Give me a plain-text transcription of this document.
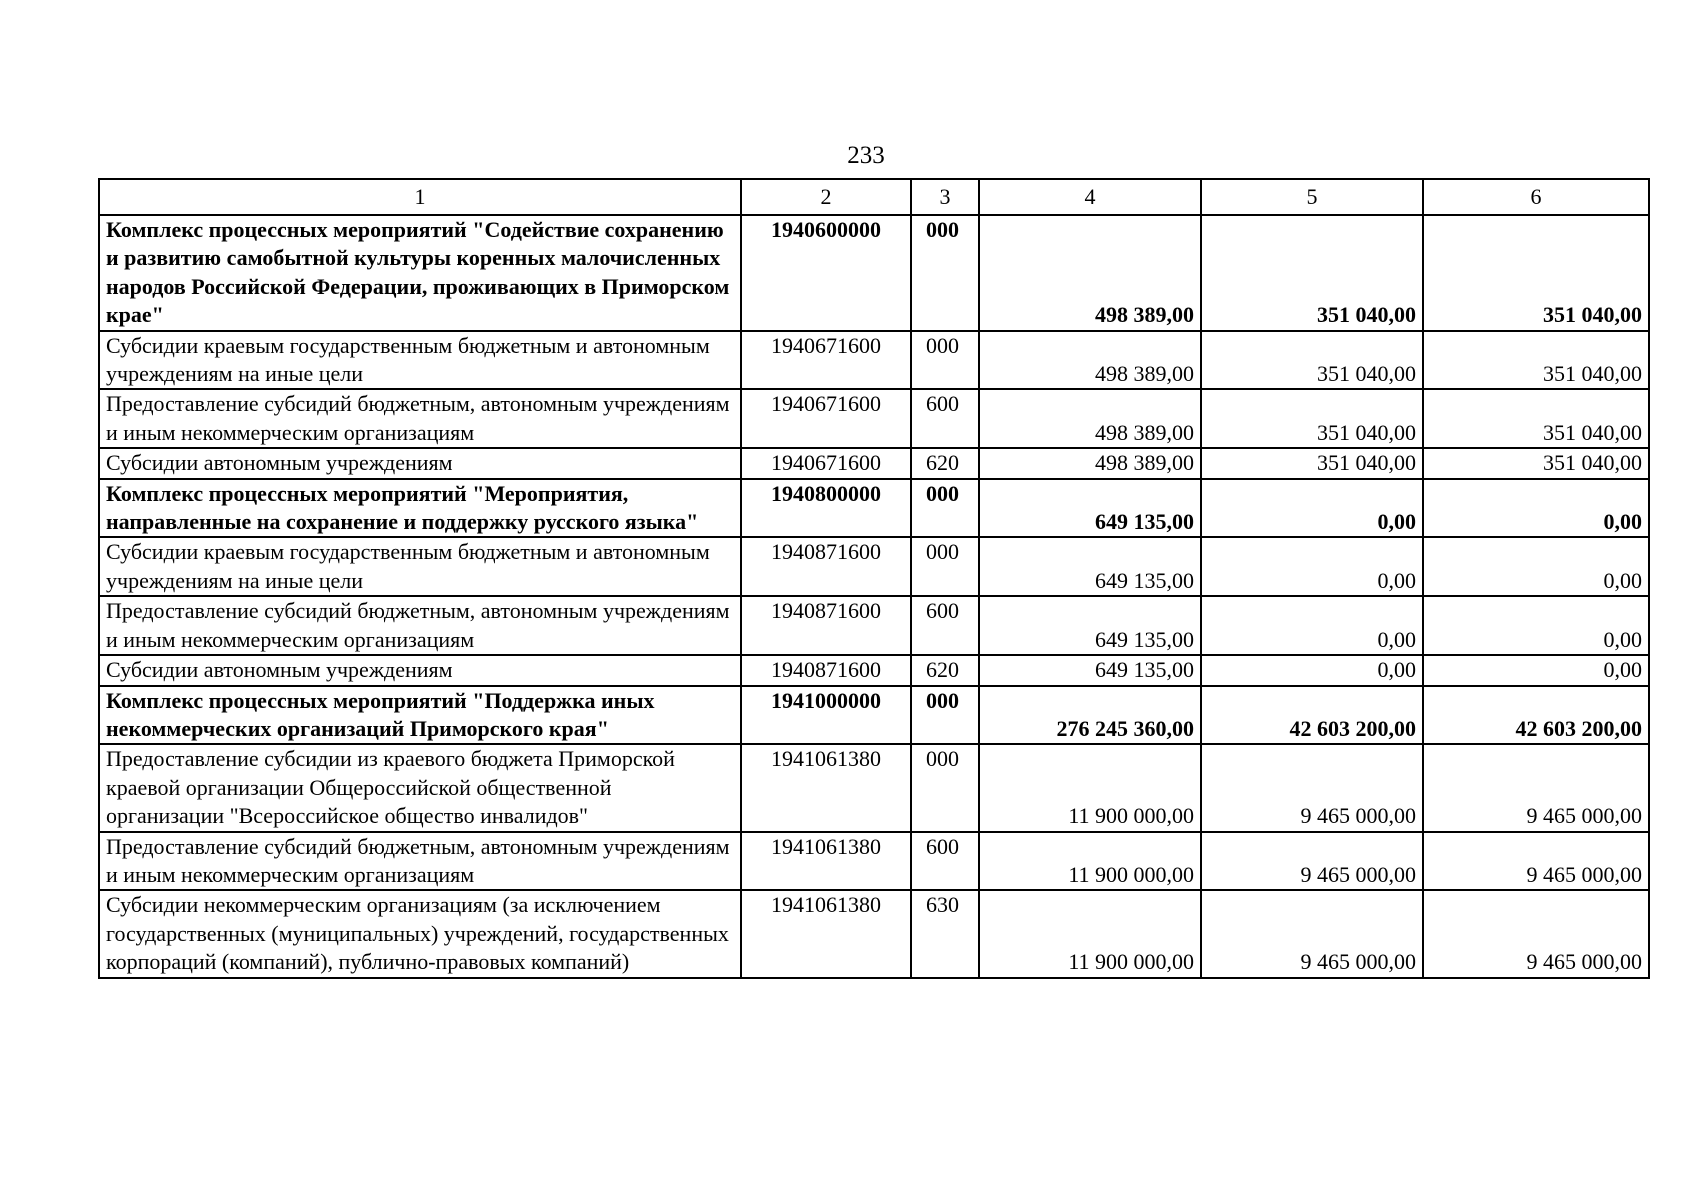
233
1	2	3	4	5	6
Комплекс процессных мероприятий "Содействие сохранению и развитию самобытной культуры коренных малочисленных народов Российской Федерации, проживающих в Приморском крае"	1940600000	000	498 389,00	351 040,00	351 040,00
Субсидии краевым государственным бюджетным и автономным учреждениям на иные цели	1940671600	000	498 389,00	351 040,00	351 040,00
Предоставление субсидий бюджетным, автономным учреждениям и иным некоммерческим организациям	1940671600	600	498 389,00	351 040,00	351 040,00
Субсидии автономным учреждениям	1940671600	620	498 389,00	351 040,00	351 040,00
Комплекс процессных мероприятий "Мероприятия, направленные на сохранение и поддержку русского языка"	1940800000	000	649 135,00	0,00	0,00
Субсидии краевым государственным бюджетным и автономным учреждениям на иные цели	1940871600	000	649 135,00	0,00	0,00
Предоставление субсидий бюджетным, автономным учреждениям и иным некоммерческим организациям	1940871600	600	649 135,00	0,00	0,00
Субсидии автономным учреждениям	1940871600	620	649 135,00	0,00	0,00
Комплекс процессных мероприятий "Поддержка иных некоммерческих организаций Приморского края"	1941000000	000	276 245 360,00	42 603 200,00	42 603 200,00
Предоставление субсидии из краевого бюджета Приморской краевой организации Общероссийской общественной организации "Всероссийское общество инвалидов"	1941061380	000	11 900 000,00	9 465 000,00	9 465 000,00
Предоставление субсидий бюджетным, автономным учреждениям и иным некоммерческим организациям	1941061380	600	11 900 000,00	9 465 000,00	9 465 000,00
Субсидии некоммерческим организациям (за исключением государственных (муниципальных) учреждений, государственных корпораций (компаний), публично-правовых компаний)	1941061380	630	11 900 000,00	9 465 000,00	9 465 000,00
